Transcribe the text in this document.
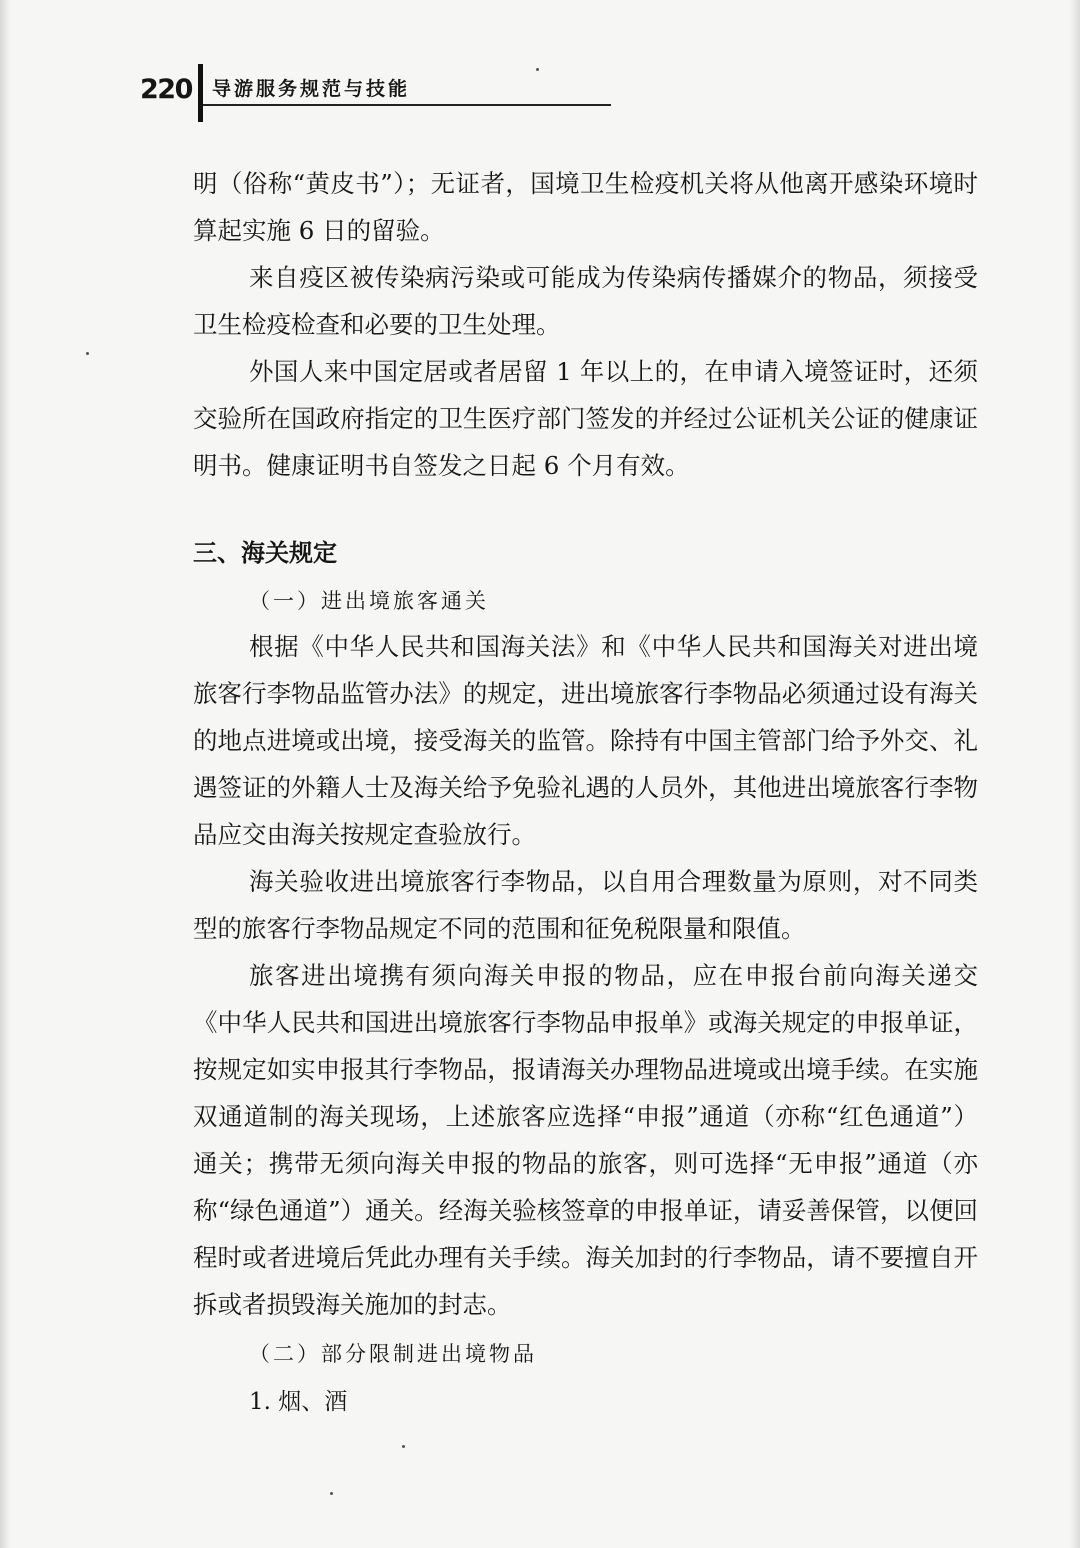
220 导游服务规范与技能

明（俗称“黄皮书”）；无证者，国境卫生检疫机关将从他离开感染环境时算起实施 6 日的留验。

来自疫区被传染病污染或可能成为传染病传播媒介的物品，须接受卫生检疫检查和必要的卫生处理。

外国人来中国定居或者居留 1 年以上的，在申请入境签证时，还须交验所在国政府指定的卫生医疗部门签发的并经过公证机关公证的健康证明书。健康证明书自签发之日起 6 个月有效。

三、海关规定

（一）进出境旅客通关

根据《中华人民共和国海关法》和《中华人民共和国海关对进出境旅客行李物品监管办法》的规定，进出境旅客行李物品必须通过设有海关的地点进境或出境，接受海关的监管。除持有中国主管部门给予外交、礼遇签证的外籍人士及海关给予免验礼遇的人员外，其他进出境旅客行李物品应交由海关按规定查验放行。

海关验收进出境旅客行李物品，以自用合理数量为原则，对不同类型的旅客行李物品规定不同的范围和征免税限量和限值。

旅客进出境携有须向海关申报的物品，应在申报台前向海关递交《中华人民共和国进出境旅客行李物品申报单》或海关规定的申报单证，按规定如实申报其行李物品，报请海关办理物品进境或出境手续。在实施双通道制的海关现场，上述旅客应选择“申报”通道（亦称“红色通道”）通关；携带无须向海关申报的物品的旅客，则可选择“无申报”通道（亦称“绿色通道”）通关。经海关验核签章的申报单证，请妥善保管，以便回程时或者进境后凭此办理有关手续。海关加封的行李物品，请不要擅自开拆或者损毁海关施加的封志。

（二）部分限制进出境物品

1. 烟、酒
